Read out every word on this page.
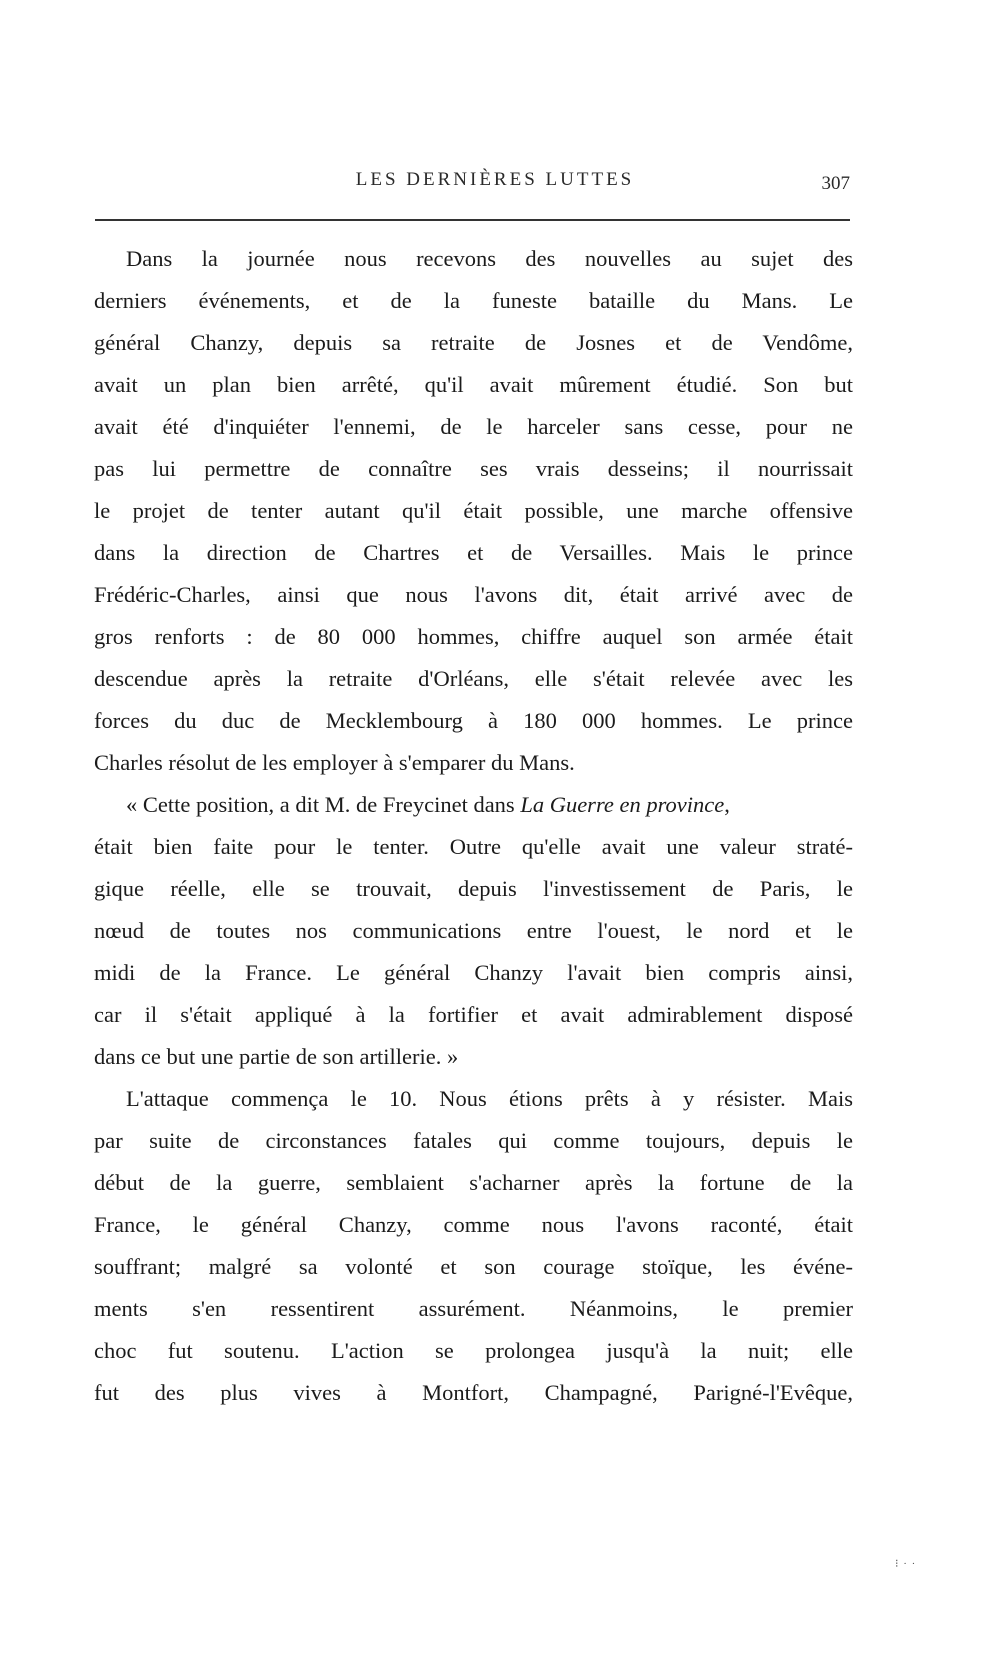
LES DERNIÈRES LUTTES	307
Dans la journée nous recevons des nouvelles au sujet des
derniers événements, et de la funeste bataille du Mans. Le
général Chanzy, depuis sa retraite de Josnes et de Vendôme,
avait un plan bien arrêté, qu'il avait mûrement étudié. Son but
avait été d'inquiéter l'ennemi, de le harceler sans cesse, pour ne
pas lui permettre de connaître ses vrais desseins; il nourrissait
le projet de tenter autant qu'il était possible, une marche offensive
dans la direction de Chartres et de Versailles. Mais le prince
Frédéric-Charles, ainsi que nous l'avons dit, était arrivé avec de
gros renforts : de 80 000 hommes, chiffre auquel son armée était
descendue après la retraite d'Orléans, elle s'était relevée avec les
forces du duc de Mecklembourg à 180 000 hommes. Le prince
Charles résolut de les employer à s'emparer du Mans.
« Cette position, a dit M. de Freycinet dans La Guerre en province,
était bien faite pour le tenter. Outre qu'elle avait une valeur straté-
gique réelle, elle se trouvait, depuis l'investissement de Paris, le
nœud de toutes nos communications entre l'ouest, le nord et le
midi de la France. Le général Chanzy l'avait bien compris ainsi,
car il s'était appliqué à la fortifier et avait admirablement disposé
dans ce but une partie de son artillerie. »
L'attaque commença le 10. Nous étions prêts à y résister. Mais
par suite de circonstances fatales qui comme toujours, depuis le
début de la guerre, semblaient s'acharner après la fortune de la
France, le général Chanzy, comme nous l'avons raconté, était
souffrant; malgré sa volonté et son courage stoïque, les événe-
ments s'en ressentirent assurément. Néanmoins, le premier
choc fut soutenu. L'action se prolongea jusqu'à la nuit; elle
fut des plus vives à Montfort, Champagné, Parigné-l'Evêque,
⁝ · ·
